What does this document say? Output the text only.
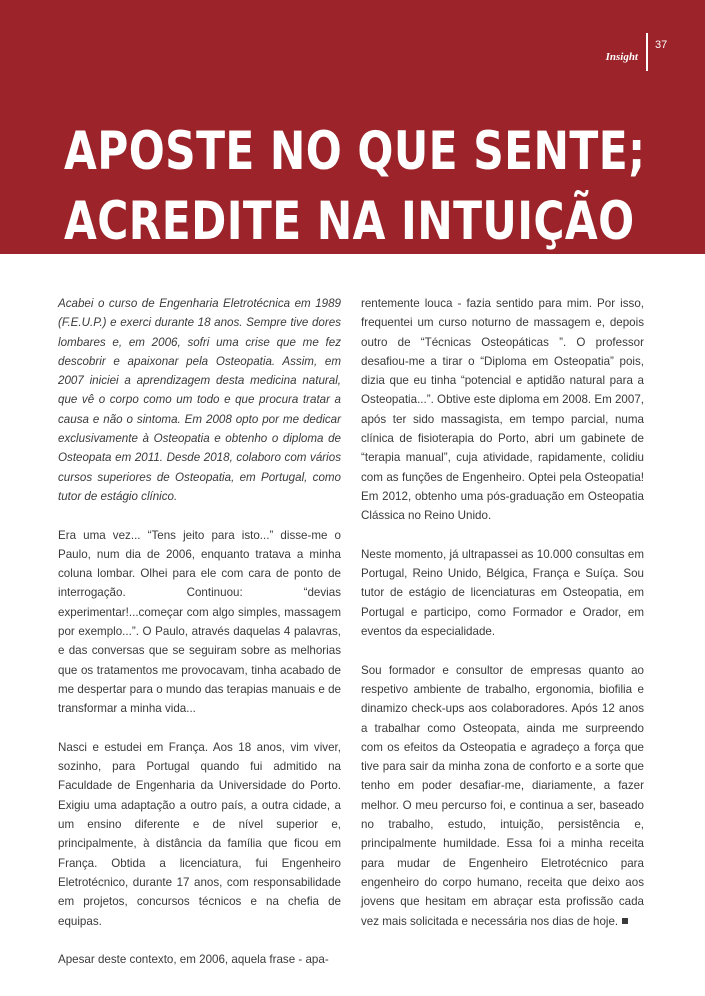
Insight
37
APOSTE NO QUE SENTE;
ACREDITE NA INTUIÇÃO

Acabei o curso de Engenharia Eletrotécnica em 1989 (F.E.U.P.) e exerci durante 18 anos. Sempre tive dores lombares e, em 2006, sofri uma crise que me fez descobrir e apaixonar pela Osteopatia. Assim, em 2007 iniciei a aprendizagem desta medicina natural, que vê o corpo como um todo e que procura tratar a causa e não o sintoma. Em 2008 opto por me dedicar exclusivamente à Osteopatia e obtenho o diploma de Osteopata em 2011. Desde 2018, colaboro com vários cursos superiores de Osteopatia, em Portugal, como tutor de estágio clínico.

Era uma vez... “Tens jeito para isto...” disse-me o Paulo, num dia de 2006, enquanto tratava a minha coluna lombar. Olhei para ele com cara de ponto de interrogação. Continuou: “devias experimentar!...começar com algo simples, massagem por exemplo...”. O Paulo, através daquelas 4 palavras, e das conversas que se seguiram sobre as melhorias que os tratamentos me provocavam, tinha acabado de me despertar para o mundo das terapias manuais e de transformar a minha vida...

Nasci e estudei em França. Aos 18 anos, vim viver, sozinho, para Portugal quando fui admitido na Faculdade de Engenharia da Universidade do Porto. Exigiu uma adaptação a outro país, a outra cidade, a um ensino diferente e de nível superior e, principalmente, à distância da família que ficou em França. Obtida a licenciatura, fui Engenheiro Eletrotécnico, durante 17 anos, com responsabilidade em projetos, concursos técnicos e na chefia de equipas.

Apesar deste contexto, em 2006, aquela frase - apa-

rentemente louca - fazia sentido para mim. Por isso, frequentei um curso noturno de massagem e, depois outro de “Técnicas Osteopáticas ”. O professor desafiou-me a tirar o “Diploma em Osteopatia” pois, dizia que eu tinha “potencial e aptidão natural para a Osteopatia...”. Obtive este diploma em 2008. Em 2007, após ter sido massagista, em tempo parcial, numa clínica de fisioterapia do Porto, abri um gabinete de “terapia manual”, cuja atividade, rapidamente, colidiu com as funções de Engenheiro. Optei pela Osteopatia! Em 2012, obtenho uma pós-graduação em Osteopatia Clássica no Reino Unido.

Neste momento, já ultrapassei as 10.000 consultas em Portugal, Reino Unido, Bélgica, França e Suíça. Sou tutor de estágio de licenciaturas em Osteopatia, em Portugal e participo, como Formador e Orador, em eventos da especialidade.

Sou formador e consultor de empresas quanto ao respetivo ambiente de trabalho, ergonomia, biofilia e dinamizo check-ups aos colaboradores. Após 12 anos a trabalhar como Osteopata, ainda me surpreendo com os efeitos da Osteopatia e agradeço a força que tive para sair da minha zona de conforto e a sorte que tenho em poder desafiar-me, diariamente, a fazer melhor. O meu percurso foi, e continua a ser, baseado no trabalho, estudo, intuição, persistência e, principalmente humildade. Essa foi a minha receita para mudar de Engenheiro Eletrotécnico para engenheiro do corpo humano, receita que deixo aos jovens que hesitam em abraçar esta profissão cada vez mais solicitada e necessária nos dias de hoje.
